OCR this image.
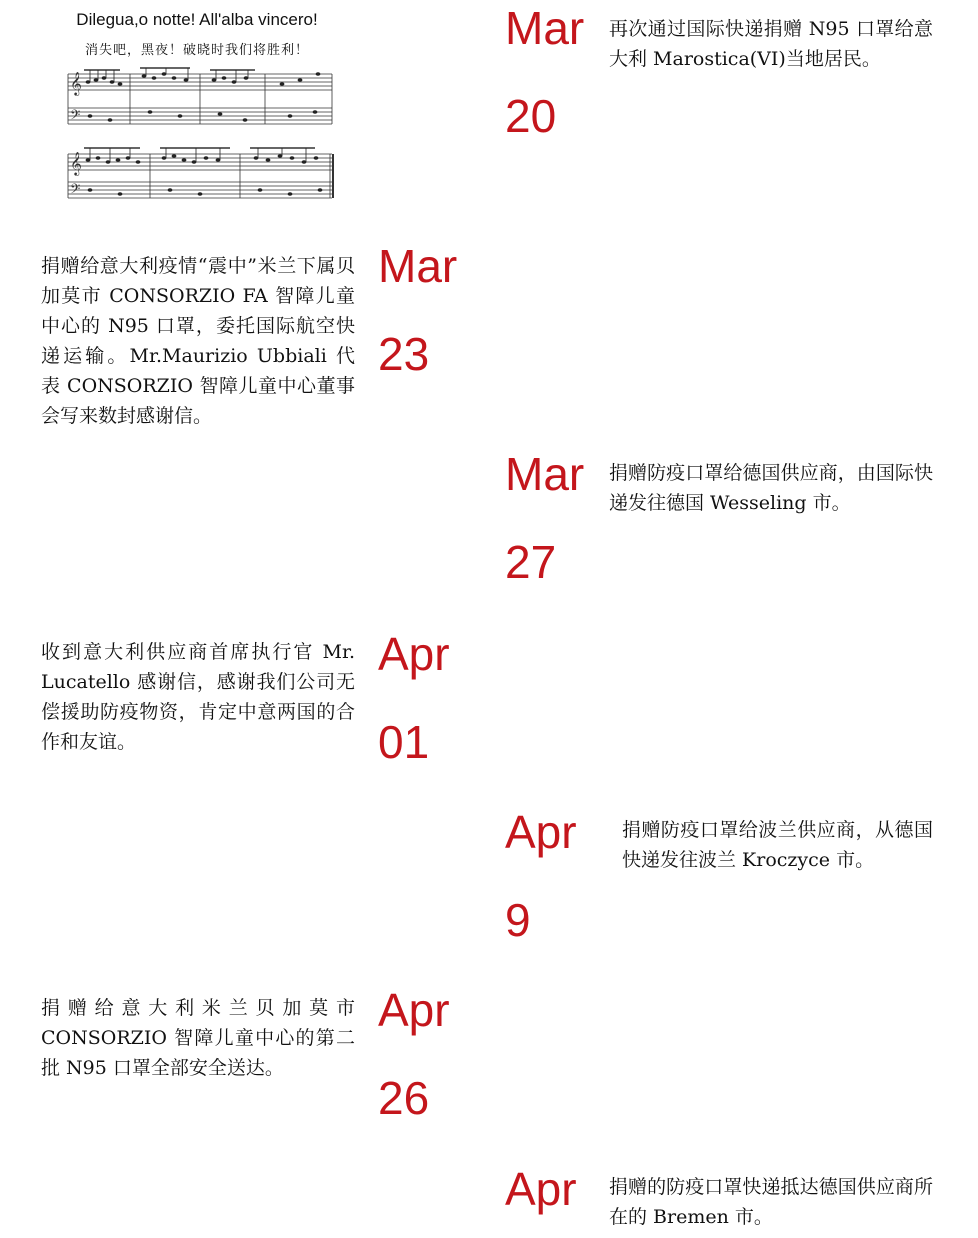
Dilegua,o notte! All'alba vincero!
消失吧，黑夜！破晓时我们将胜利！
𝄞
𝄢
𝄞
𝄢
Mar
20

再次通过国际快递捐赠 N95 口罩给意大利 Marostica(VI)当地居民。

捐赠给意大利疫情“震中”米兰下属贝加莫市 CONSORZIO FA 智障儿童中心的 N95 口罩，委托国际航空快递运输。Mr.Maurizio Ubbiali 代表 CONSORZIO 智障儿童中心董事会写来数封感谢信。

Mar
23
Mar
27

捐赠防疫口罩给德国供应商，由国际快递发往德国 Wesseling 市。

收到意大利供应商首席执行官 Mr. Lucatello 感谢信，感谢我们公司无偿援助防疫物资，肯定中意两国的合作和友谊。

Apr
01
Apr
9

捐赠防疫口罩给波兰供应商，从德国快递发往波兰 Kroczyce 市。

捐赠给意大利米兰贝加莫市 CONSORZIO 智障儿童中心的第二批 N95 口罩全部安全送达。

Apr
26
Apr	捐赠的防疫口罩快递抵达德国供应商所在的 Bremen 市。
